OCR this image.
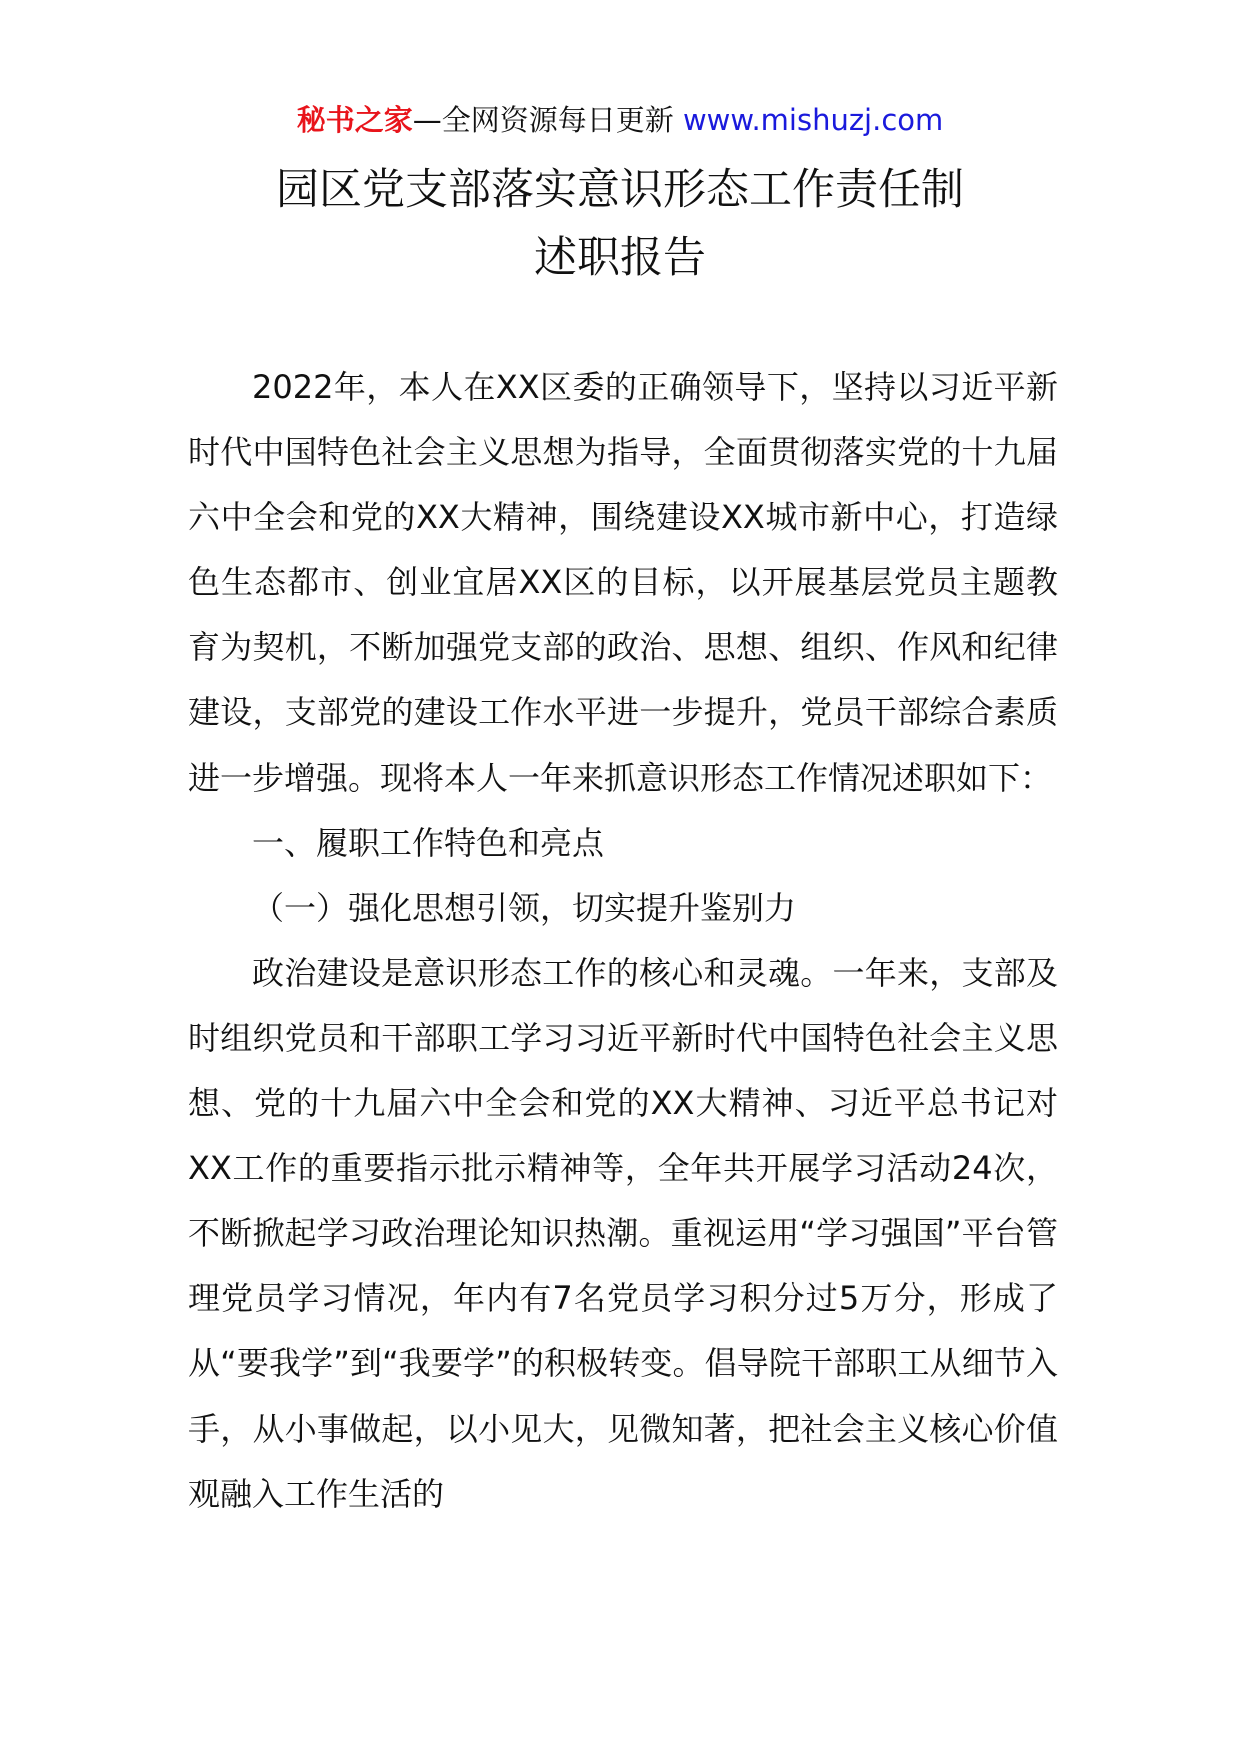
秘书之家—全网资源每日更新 www.mishuzj.com
园区党支部落实意识形态工作责任制
述职报告

2022年，本人在XX区委的正确领导下，坚持以习近平新时代中国特色社会主义思想为指导，全面贯彻落实党的十九届六中全会和党的XX大精神，围绕建设XX城市新中心，打造绿色生态都市、创业宜居XX区的目标，以开展基层党员主题教育为契机，不断加强党支部的政治、思想、组织、作风和纪律建设，支部党的建设工作水平进一步提升，党员干部综合素质进一步增强。现将本人一年来抓意识形态工作情况述职如下：

一、履职工作特色和亮点

（一）强化思想引领，切实提升鉴别力

政治建设是意识形态工作的核心和灵魂。一年来，支部及时组织党员和干部职工学习习近平新时代中国特色社会主义思想、党的十九届六中全会和党的XX大精神、习近平总书记对XX工作的重要指示批示精神等，全年共开展学习活动24次，不断掀起学习政治理论知识热潮。重视运用“学习强国”平台管理党员学习情况，年内有7名党员学习积分过5万分，形成了从“要我学”到“我要学”的积极转变。倡导院干部职工从细节入手，从小事做起，以小见大，见微知著，把社会主义核心价值观融入工作生活的
